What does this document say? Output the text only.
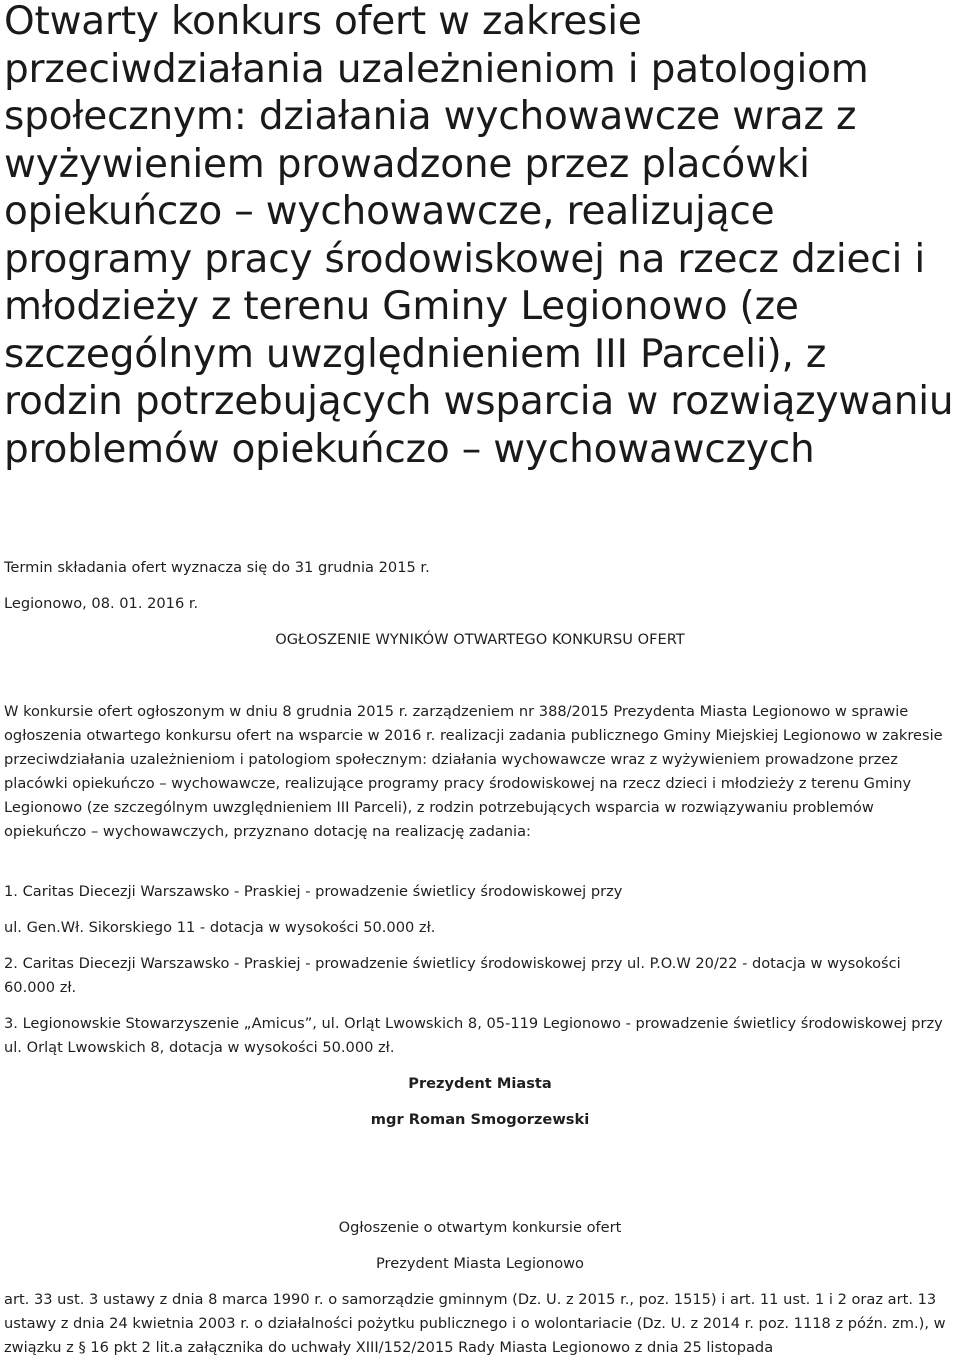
Otwarty konkurs ofert w zakresie przeciwdziałania uzależnieniom i patologiom społecznym: działania wychowawcze wraz z wyżywieniem prowadzone przez placówki opiekuńczo – wychowawcze, realizujące programy pracy środowiskowej na rzecz dzieci i młodzieży z terenu Gminy Legionowo (ze szczególnym uwzględnieniem III Parceli), z rodzin potrzebujących wsparcia w rozwiązywaniu problemów opiekuńczo – wychowawczych
Termin składania ofert wyznacza się do 31 grudnia 2015 r.
Legionowo, 08. 01. 2016 r.
OGŁOSZENIE WYNIKÓW OTWARTEGO KONKURSU OFERT

W konkursie ofert ogłoszonym w dniu 8 grudnia 2015 r. zarządzeniem nr 388/2015 Prezydenta Miasta Legionowo w sprawie ogłoszenia otwartego konkursu ofert na wsparcie w 2016 r. realizacji zadania publicznego Gminy Miejskiej Legionowo w zakresie przeciwdziałania uzależnieniom i patologiom społecznym: działania wychowawcze wraz z wyżywieniem prowadzone przez placówki opiekuńczo – wychowawcze, realizujące programy pracy środowiskowej na rzecz dzieci i młodzieży z terenu Gminy Legionowo (ze szczególnym uwzględnieniem III Parceli), z rodzin potrzebujących wsparcia w rozwiązywaniu problemów opiekuńczo – wychowawczych, przyznano dotację na realizację zadania:

1. Caritas Diecezji Warszawsko - Praskiej - prowadzenie świetlicy środowiskowej przy
ul. Gen.Wł. Sikorskiego 11 - dotacja w wysokości 50.000 zł.

2. Caritas Diecezji Warszawsko - Praskiej - prowadzenie świetlicy środowiskowej przy ul. P.O.W 20/22 - dotacja w wysokości 60.000 zł.

3. Legionowskie Stowarzyszenie „Amicus”, ul. Orląt Lwowskich 8, 05-119 Legionowo - prowadzenie świetlicy środowiskowej przy ul. Orląt Lwowskich 8, dotacja w wysokości 50.000 zł.

Prezydent Miasta
mgr Roman Smogorzewski
Ogłoszenie o otwartym konkursie ofert
Prezydent Miasta Legionowo

art. 33 ust. 3 ustawy z dnia 8 marca 1990 r. o samorządzie gminnym (Dz. U. z 2015 r., poz. 1515) i art. 11 ust. 1 i 2 oraz art. 13 ustawy z dnia 24 kwietnia 2003 r. o działalności pożytku publicznego i o wolontariacie (Dz. U. z 2014 r. poz. 1118 z późn. zm.), w związku z § 16 pkt 2 lit.a załącznika do uchwały XIII/152/2015 Rady Miasta Legionowo z dnia 25 listopada
